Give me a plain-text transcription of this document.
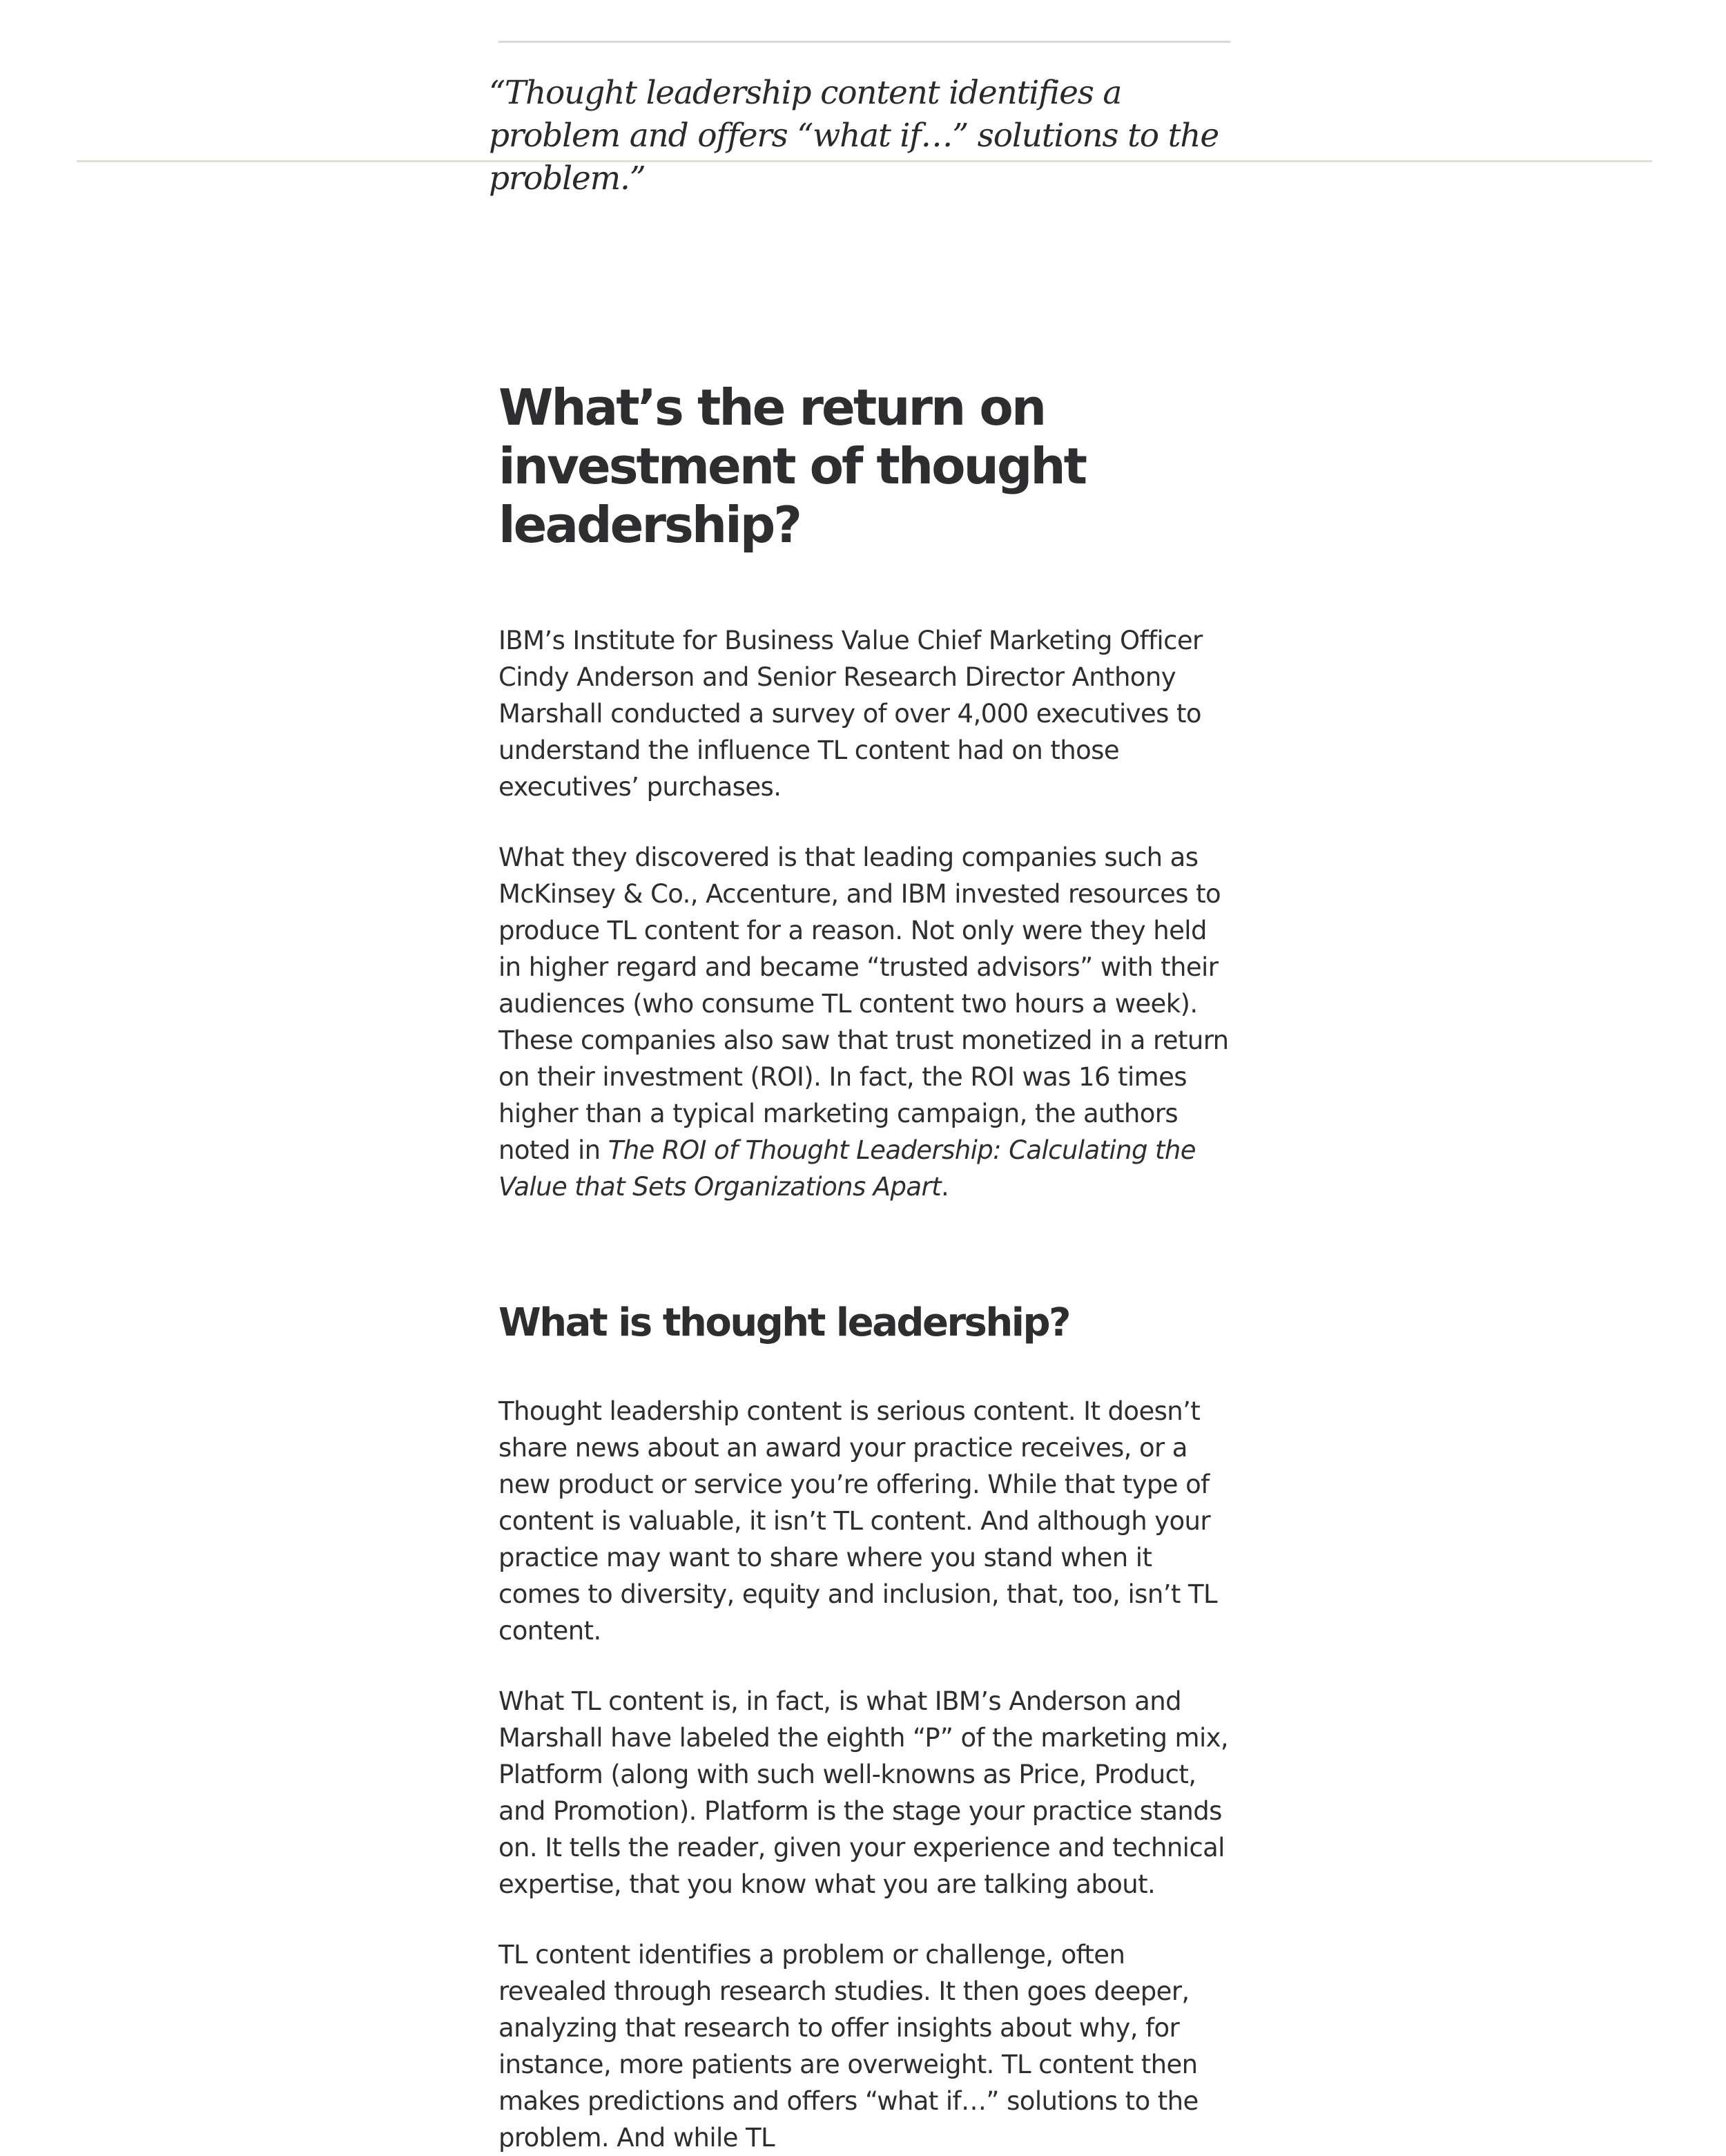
“Thought leadership content identifies a problem and offers “what if…” solutions to the problem.”
What’s the return on investment of thought leadership?

IBM’s Institute for Business Value Chief Marketing Officer Cindy Anderson and Senior Research Director Anthony Marshall conducted a survey of over 4,000 executives to understand the influence TL content had on those executives’ purchases.

What they discovered is that leading companies such as McKinsey & Co., Accenture, and IBM invested resources to produce TL content for a reason. Not only were they held in higher regard and became “trusted advisors” with their audiences (who consume TL content two hours a week). These companies also saw that trust monetized in a return on their investment (ROI). In fact, the ROI was 16 times higher than a typical marketing campaign, the authors noted in The ROI of Thought Leadership: Calculating the Value that Sets Organizations Apart.

What is thought leadership?

Thought leadership content is serious content. It doesn’t share news about an award your practice receives, or a new product or service you’re offering. While that type of content is valuable, it isn’t TL content. And although your practice may want to share where you stand when it comes to diversity, equity and inclusion, that, too, isn’t TL content.

What TL content is, in fact, is what IBM’s Anderson and Marshall have labeled the eighth “P” of the marketing mix, Platform (along with such well-knowns as Price, Product, and Promotion). Platform is the stage your practice stands on. It tells the reader, given your experience and technical expertise, that you know what you are talking about.

TL content identifies a problem or challenge, often revealed through research studies. It then goes deeper, analyzing that research to offer insights about why, for instance, more patients are overweight. TL content then makes predictions and offers “what if…” solutions to the problem. And while TL
